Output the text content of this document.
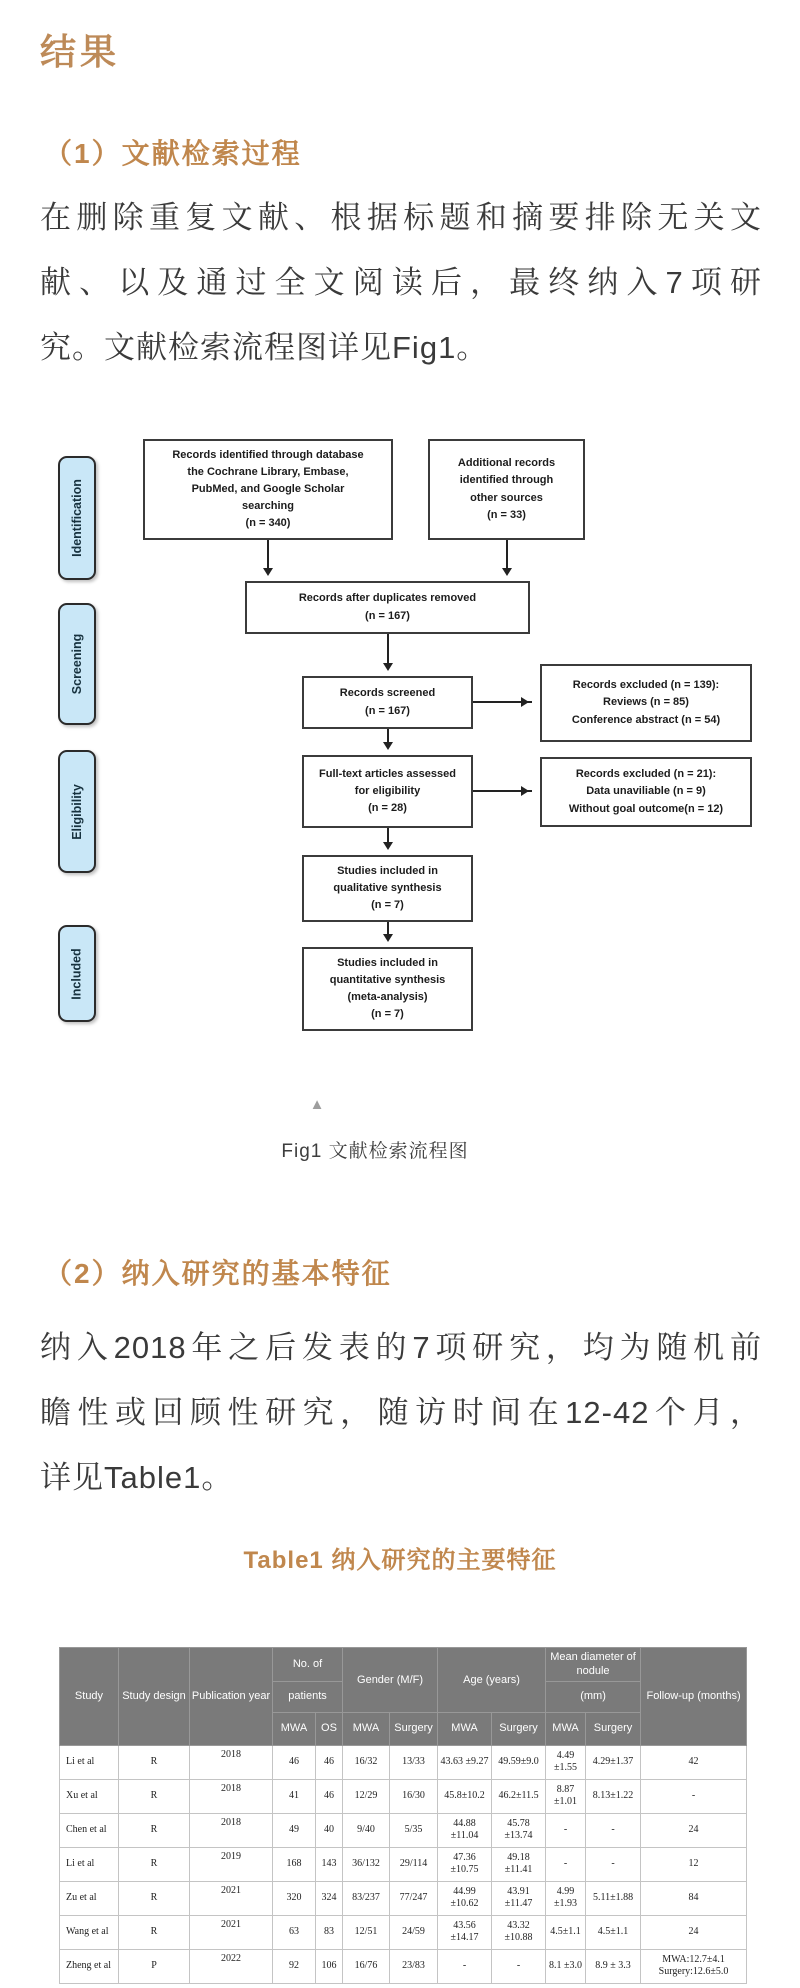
结果
（1）文献检索过程
在删除重复文献、根据标题和摘要排除无关文
献、以及通过全文阅读后，最终纳入7项研
究。文献检索流程图详见Fig1。
Identification
Screening
Eligibility
Included
Records identified through database
the Cochrane Library, Embase,
PubMed, and Google Scholar
searching
(n = 340)
Additional records
identified through
other sources
(n = 33)
Records after duplicates removed
(n = 167)
Records screened
(n = 167)
Records excluded (n = 139):
Reviews (n = 85)
Conference abstract (n = 54)
Full-text articles assessed
for eligibility
(n = 28)
Records excluded (n = 21):
Data unaviliable (n = 9)
Without goal outcome(n = 12)
Studies included in
qualitative synthesis
(n = 7)
Studies included in
quantitative synthesis
(meta-analysis)
(n = 7)
▲
Fig1 文献检索流程图
（2）纳入研究的基本特征
纳入2018年之后发表的7项研究，均为随机前
瞻性或回顾性研究，随访时间在12-42个月，
详见Table1。
Table1 纳入研究的主要特征
Study	Study design	Publication year	No. of		Gender (M/F)		Age (years)		Mean diameter of nodule		Follow-up (months)
			patients						(mm)		
			MWA	OS	MWA	Surgery	MWA	Surgery	MWA	Surgery	
Li et al	R	2018	46	46	16/32	13/33	43.63 ±9.27	49.59±9.0	4.49 ±1.55	4.29±1.37	42
Xu et al	R	2018	41	46	12/29	16/30	45.8±10.2	46.2±11.5	8.87 ±1.01	8.13±1.22	-
Chen et al	R	2018	49	40	9/40	5/35	44.88 ±11.04	45.78 ±13.74	-	-	24
Li et al	R	2019	168	143	36/132	29/114	47.36 ±10.75	49.18 ±11.41	-	-	12
Zu et al	R	2021	320	324	83/237	77/247	44.99 ±10.62	43.91 ±11.47	4.99 ±1.93	5.11±1.88	84
Wang et al	R	2021	63	83	12/51	24/59	43.56 ±14.17	43.32 ±10.88	4.5±1.1	4.5±1.1	24
Zheng et al	P	2022	92	106	16/76	23/83	-	-	8.1 ±3.0	8.9 ± 3.3	MWA:12.7±4.1 Surgery:12.6±5.0
